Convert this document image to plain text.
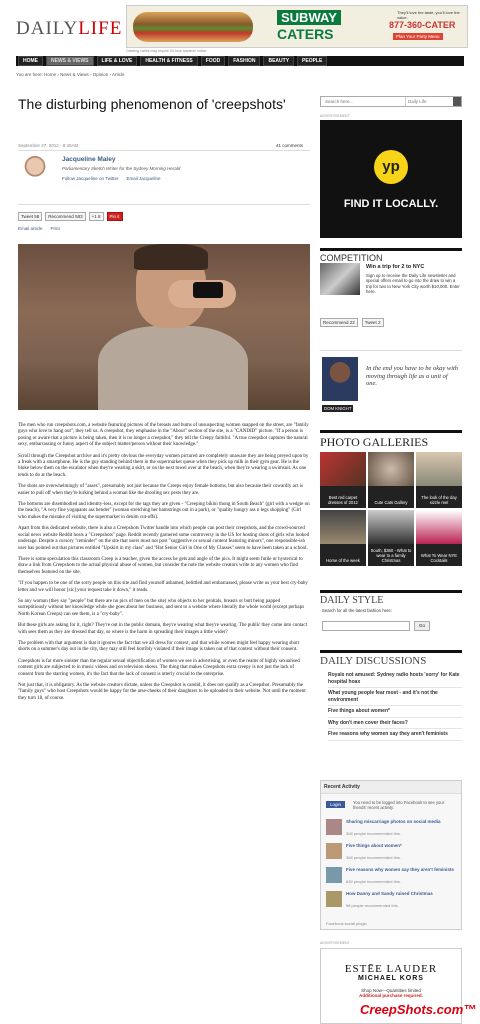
DAILYLIFE
SUBWAY
CATERS
They'll love the taste, you'll love the value.
877-360-CATER
Plan Your Party Menu
Catering varies may require 24 hour advance notice
HOME	NEWS & VIEWS	LIFE & LOVE	HEALTH & FITNESS	FOOD	FASHION	BEAUTY	PEOPLE
You are here: Home › News & Views › Opinion › Article
The disturbing phenomenon of 'creepshots'
September 27, 2012 - 8:40AM	41 comments
Jacqueline Maley
Parliamentary Sketch Writer for the Sydney Morning Herald
Follow Jacqueline on Twitter Email Jacqueline
Tweet 58	Recommend 583	+1 8	Pin it
Email article Print

The men who run creepshots.com, a website featuring pictures of the breasts and bums of unsuspecting women snapped on the street, are "family guys who love to hang out", they tell us. A creepshot, they emphasise in the "About" section of the site, is a "CANDID" picture. "If a person is posing or aware that a picture is being taken, then it is no longer a creepshot," they tell the Creepy faithful. "A true creepshot captures the natural sexy, embarrassing or funny aspect of the subject matter/person without their knowledge."

Scroll through the Creepshot archive and it's pretty obvious the everyday women pictured are completely unaware they are being preyed upon by a freak with a smartphone. He is the guy standing behind them in the supermarket queue when they pick up milk in their gym gear. He is the bloke below them on the escalator when they're wearing a skirt, or on the next towel over at the beach, when they're wearing a swimsuit. As one tends to do at the beach.

The shots are overwhelmingly of "asses", presumably not just because the Creeps enjoy female bottoms, but also because their cowardly act is easier to pull off when they're lurking behind a woman like the drooling sex pests they are.

The bottoms are disembodied and identity-less, except for the tags they are given - "Creeping bikini thong in South Beach" (girl with a wedgie on the beach), "A very fine yogapants ass bender" (woman stretching her hamstrings out in a park), or "quality hungry ass n legs shopping" (Girl who makes the mistake of visiting the supermarket in denim cut-offs).

Apart from this dedicated website, there is also a Creepshots Twitter handle into which people can post their creepshots, and the crowd-sourced social news website Reddit hosts a "Creepshots" page. Reddit recently garnered some controversy in the US for hosting shots of girls who looked underage. Despite a cursory "reminder" on the site that users must not post "suggestive or sexual content featuring minors", one responsible-ish user has pointed out that pictures entitled "Upskirt in my class" and "Hot Senior Girl in One of My Classes" seem to have been taken at a school.

There is some speculation this classroom Creep is a teacher, given the access he gets and angle of the pics. It might seem futile or hysterical to draw a link from Creepshots to the actual physical abuse of women, but consider the note the website creators write to any women who find themselves featured on the site.

"If you happen to be one of the sorry people on this site and find yourself ashamed, belittled and embarrassed, please write us your best cry-baby letter and we will honor [sic] your request take it down," it reads.

So any woman (they say "people" but there are no pics of men on the site) who objects to her genitals, breasts or butt being papped surreptitiously without her knowledge while she goes about her business, and sent to a website where literally the whole world (except perhaps North Korean Creeps) can see them, is a "cry-baby".

But these girls are asking for it, right? They're out in the public domain, they're wearing what they're wearing. The public they come into contact with sees them as they are dressed that day, so where is the harm in spreading their images a little wider?

The problem with that argument is that it ignores the fact that we all dress for context, and that while women might feel happy wearing short shorts on a summer's day out in the city, they may still feel horribly violated if their image is taken out of that context without their consent.

Creepshots is far more sinister than the regular sexual objectification of women we see in advertising, or even the reams of highly sexualised content girls are subjected to in music videos and on television shows. The thing that makes Creepshots extra creepy is not just the lack of consent from the starring women, it's the fact that the lack of consent is utterly crucial to the enterprise.

Not just that, it is obligatory. As the website creators dictate, unless the Creepshot is candid, it does not qualify as a Creepshot. Presumably the "family guys" who host Creepshots would be happy for the arse-cheeks of their daughters to be uploaded to their website. Not until the moment they turn 18, of course.

Search here...	Daily Life
ADVERTISEMENT
yp
FIND IT LOCALLY.
COMPETITION
Win a trip for 2 to NYC
Sign up to receive the Daily Life newsletter and special offers email to go into the draw to win a trip for two to New York City worth $10,000. Enter here.
Recommend 22	Tweet 2
In the end you have to be okay with moving through life as a unit of one.
DOM KNIGHT
PHOTO GALLERIES
Best red carpet dresses of 2012	Cute Cats Gallery
The look of the day sizzle reel
Home of the week
South, $360 - What to wear to a family Christmas
What To Wear NYE Cocktails
DAILY STYLE
Search for all the latest fashion here:
Go
DAILY DISCUSSIONS
Royals not amused: Sydney radio hosts 'sorry' for Kate hospital hoax
What young people fear most - and it's not the environment
Five things about women*
Why don't men cover their faces?
Five reasons why women say they aren't feminists
Recent Activity
Login	You need to be logged into Facebook to see your friends' recent activity.
Sharing miscarriage photos on social media
308 people recommended this.
Five things about women*
368 people recommended this.
Five reasons why women say they aren't feminists
639 people recommended this.
How Danny and Sandy ruined Christmas
98 people recommended this.
Facebook social plugin
ADVERTISEMENT
ESTĒE LAUDER
MICHAEL KORS
Shop Now—Quantities limited
Additional purchase required.
CreepShots.com™
